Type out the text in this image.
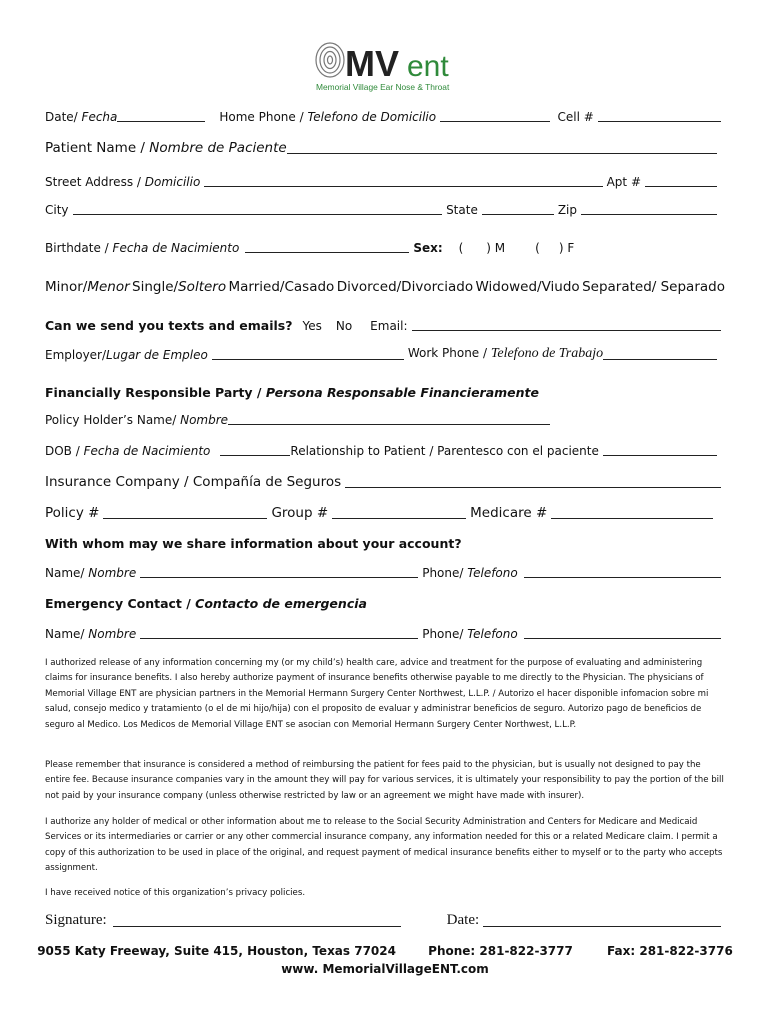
MV ent
Memorial Village Ear Nose & Throat
Date/ Fecha	Home Phone / Telefono de Domicilio	Cell #
Patient Name / Nombre de Paciente
Street Address / Domicilio	Apt #
City	State	Zip
Birthdate / Fecha de Nacimiento	Sex: (      ) M	(     ) F
Minor/Menor Single/Soltero Married/Casado Divorced/Divorciado Widowed/Viudo Separated/ Separado
Can we send you texts and emails? Yes No Email:
Employer/Lugar de Empleo	Work Phone / Telefono de Trabajo
Financially Responsible Party / Persona Responsable Financieramente
Policy Holder’s Name/ Nombre
DOB / Fecha de Nacimiento	Relationship to Patient / Parentesco con el paciente
Insurance Company / Compañía de Seguros
Policy #	Group #	Medicare #
With whom may we share information about your account?
Name/ Nombre	Phone/ Telefono
Emergency Contact / Contacto de emergencia
Name/ Nombre	Phone/ Telefono
I authorized release of any information concerning my (or my child’s) health care, advice and treatment for the purpose of evaluating and administering claims for insurance benefits. I also hereby authorize payment of insurance benefits otherwise payable to me directly to the Physician. The physicians of Memorial Village ENT are physician partners in the Memorial Hermann Surgery Center Northwest, L.L.P. / Autorizo el hacer disponible infomacion sobre mi salud, consejo medico y tratamiento (o el de mi hijo/hija) con el proposito de evaluar y administrar beneficios de seguro. Autorizo pago de beneficios de seguro al Medico. Los Medicos de Memorial Village ENT se asocian con Memorial Hermann Surgery Center Northwest, L.L.P.
Please remember that insurance is considered a method of reimbursing the patient for fees paid to the physician, but is usually not designed to pay the entire fee. Because insurance companies vary in the amount they will pay for various services, it is ultimately your responsibility to pay the portion of the bill not paid by your insurance company (unless otherwise restricted by law or an agreement we might have made with insurer).
I authorize any holder of medical or other information about me to release to the Social Security Administration and Centers for Medicare and Medicaid Services or its intermediaries or carrier or any other commercial insurance company, any information needed for this or a related Medicare claim. I permit a copy of this authorization to be used in place of the original, and request payment of medical insurance benefits either to myself or to the party who accepts assignment.
I have received notice of this organization’s privacy policies.
Signature:	Date:
9055 Katy Freeway, Suite 415, Houston, Texas 77024	Phone: 281-822-3777	Fax: 281-822-3776
www. MemorialVillageENT.com
